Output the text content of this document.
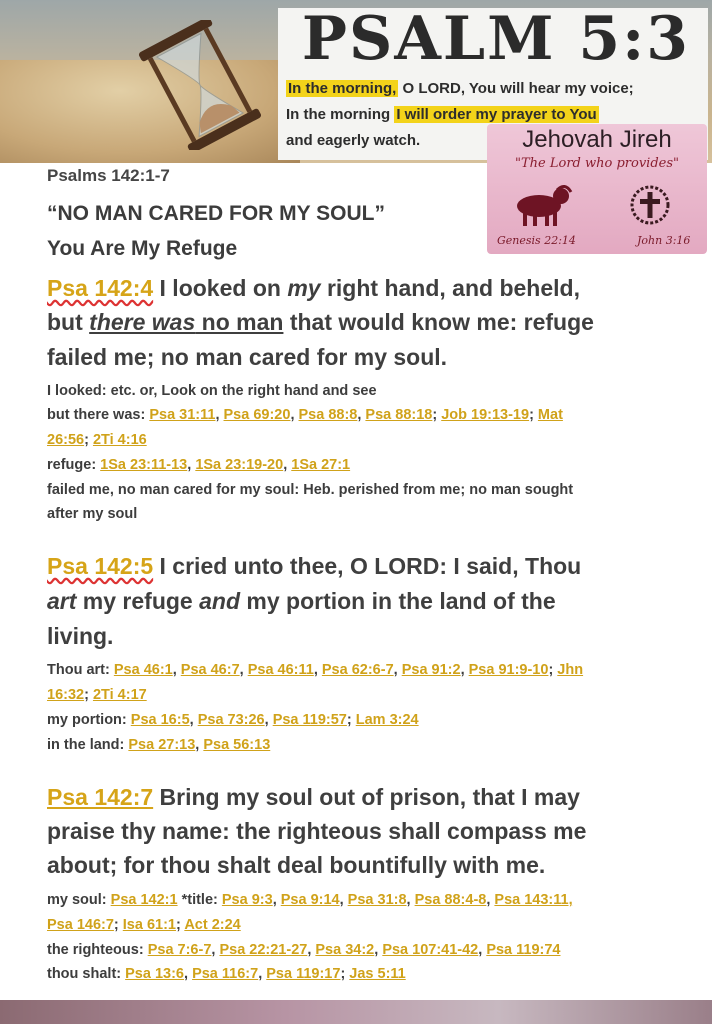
PSALM 5:3
In the morning, O LORD, You will hear my voice;
In the morning I will order my prayer to You
and eagerly watch.	Jehovah Jireh
"The Lord who provides"
Genesis 22:14	John 3:16
Psalms 142:1-7
“NO MAN CARED FOR MY SOUL”
You Are My Refuge
Psa 142:4 I looked on my right hand, and beheld,
but there was no man that would know me: refuge
failed me; no man cared for my soul.
I looked: etc. or, Look on the right hand and see
but there was: Psa 31:11, Psa 69:20, Psa 88:8, Psa 88:18; Job 19:13-19; Mat
26:56; 2Ti 4:16
refuge: 1Sa 23:11-13, 1Sa 23:19-20, 1Sa 27:1
failed me, no man cared for my soul: Heb. perished from me; no man sought
after my soul
Psa 142:5 I cried unto thee, O LORD: I said, Thou
art my refuge and my portion in the land of the
living.
Thou art: Psa 46:1, Psa 46:7, Psa 46:11, Psa 62:6-7, Psa 91:2, Psa 91:9-10; Jhn
16:32; 2Ti 4:17
my portion: Psa 16:5, Psa 73:26, Psa 119:57; Lam 3:24
in the land: Psa 27:13, Psa 56:13
Psa 142:7 Bring my soul out of prison, that I may
praise thy name: the righteous shall compass me
about; for thou shalt deal bountifully with me.
my soul: Psa 142:1 *title: Psa 9:3, Psa 9:14, Psa 31:8, Psa 88:4-8, Psa 143:11,
Psa 146:7; Isa 61:1; Act 2:24
the righteous: Psa 7:6-7, Psa 22:21-27, Psa 34:2, Psa 107:41-42, Psa 119:74
thou shalt: Psa 13:6, Psa 116:7, Psa 119:17; Jas 5:11
